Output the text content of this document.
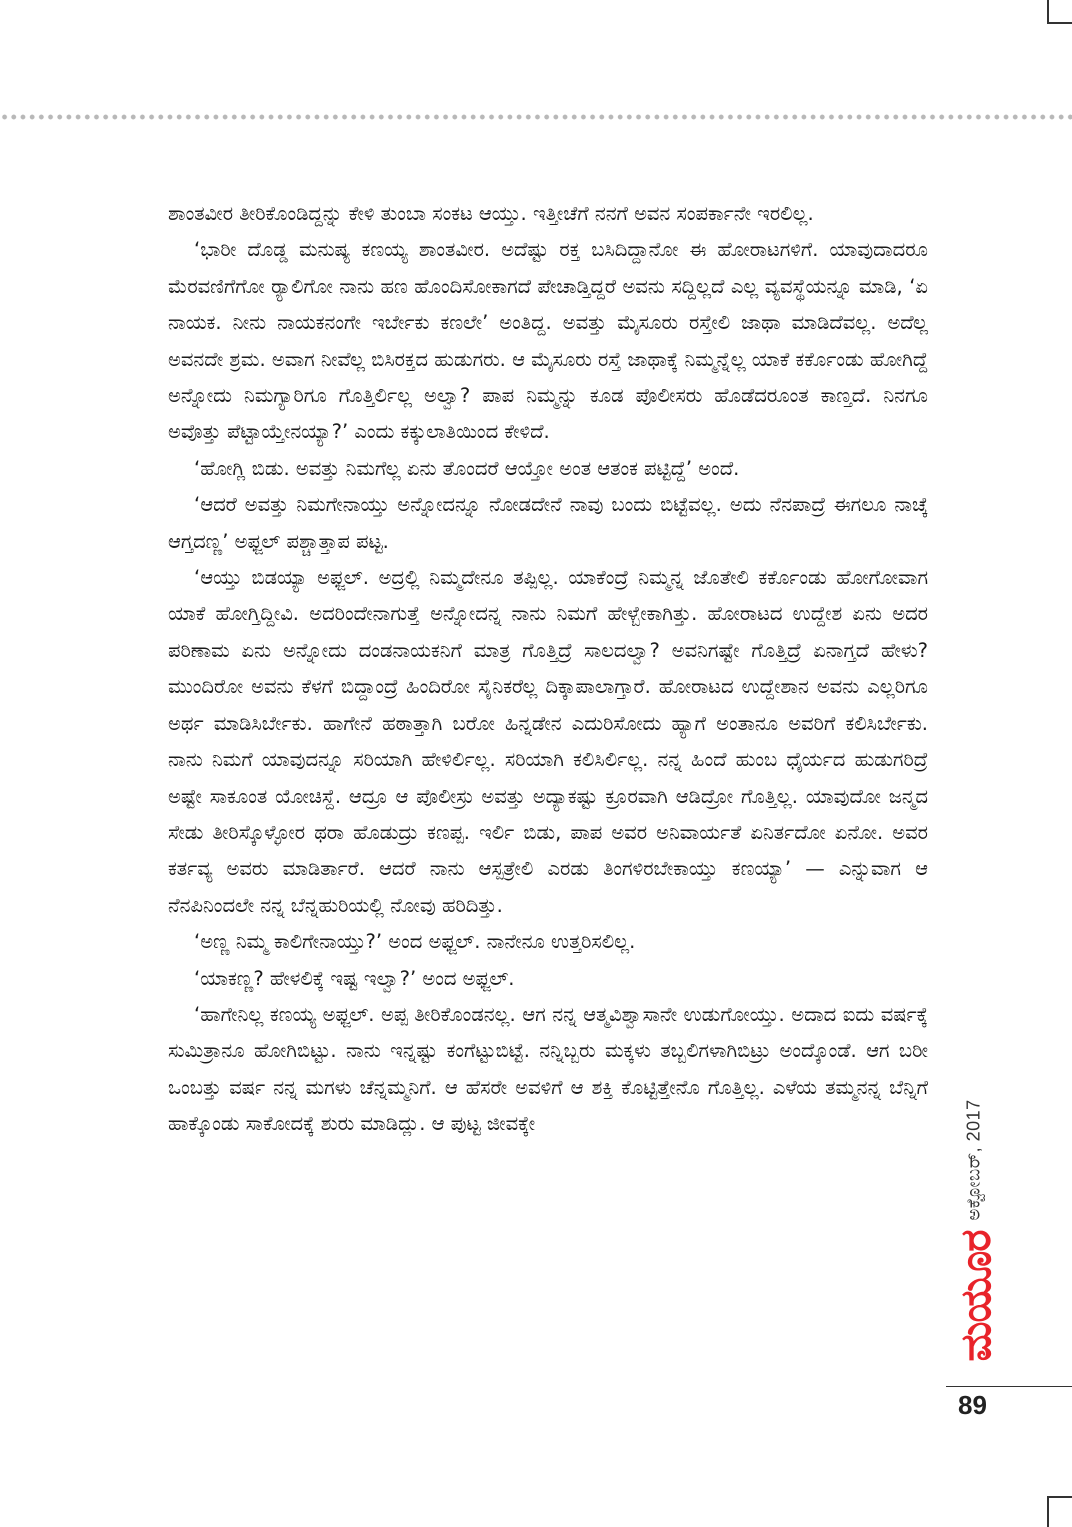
ಶಾಂತವೀರ ತೀರಿಕೊಂಡಿದ್ದನ್ನು ಕೇಳಿ ತುಂಬಾ ಸಂಕಟ ಆಯ್ತು. ಇತ್ತೀಚೆಗೆ ನನಗೆ ಅವನ ಸಂಪರ್ಕಾನೇ ಇರಲಿಲ್ಲ.

‘ಭಾರೀ ದೊಡ್ಡ ಮನುಷ್ಯ ಕಣಯ್ಯ ಶಾಂತವೀರ. ಅದೆಷ್ಟು ರಕ್ತ ಬಸಿದಿದ್ದಾನೋ ಈ ಹೋರಾಟಗಳಿಗೆ. ಯಾವುದಾದರೂ ಮೆರವಣಿಗೆಗೋ ರ‍್ಯಾಲಿಗೋ ನಾನು ಹಣ ಹೊಂದಿಸೋಕಾಗದೆ ಪೇಚಾಡ್ತಿದ್ದರೆ ಅವನು ಸದ್ದಿಲ್ಲದೆ ಎಲ್ಲ ವ್ಯವಸ್ಥೆಯನ್ನೂ ಮಾಡಿ, ‘ಏ ನಾಯಕ. ನೀನು ನಾಯಕನಂಗೇ ಇರ್ಬೇಕು ಕಣಲೇ’ ಅಂತಿದ್ದ. ಅವತ್ತು ಮೈಸೂರು ರಸ್ತೇಲಿ ಜಾಥಾ ಮಾಡಿದೆವಲ್ಲ. ಅದೆಲ್ಲ ಅವನದೇ ಶ್ರಮ. ಅವಾಗ ನೀವೆಲ್ಲ ಬಿಸಿರಕ್ತದ ಹುಡುಗರು. ಆ ಮೈಸೂರು ರಸ್ತೆ ಜಾಥಾಕ್ಕೆ ನಿಮ್ಮನ್ನೆಲ್ಲ ಯಾಕೆ ಕರ್ಕೊಂಡು ಹೋಗಿದ್ದೆ ಅನ್ನೋದು ನಿಮಗ್ಯಾರಿಗೂ ಗೊತ್ತಿರ್ಲಿಲ್ಲ ಅಲ್ವಾ? ಪಾಪ ನಿಮ್ಮನ್ನು ಕೂಡ ಪೊಲೀಸರು ಹೊಡೆದರೂಂತ ಕಾಣ್ತದೆ. ನಿನಗೂ ಅವೊತ್ತು ಪೆಟ್ಟಾಯ್ತೇನಯ್ಯಾ?’ ಎಂದು ಕಕ್ಕುಲಾತಿಯಿಂದ ಕೇಳಿದೆ.

‘ಹೋಗ್ಲಿ ಬಿಡು. ಅವತ್ತು ನಿಮಗೆಲ್ಲ ಏನು ತೊಂದರೆ ಆಯ್ತೋ ಅಂತ ಆತಂಕ ಪಟ್ಟಿದ್ದೆ’ ಅಂದೆ.

‘ಆದರೆ ಅವತ್ತು ನಿಮಗೇನಾಯ್ತು ಅನ್ನೋದನ್ನೂ ನೋಡದೇನೆ ನಾವು ಬಂದು ಬಿಟ್ಟೆವಲ್ಲ. ಅದು ನೆನಪಾದ್ರೆ ಈಗಲೂ ನಾಚ್ಕೆ ಆಗ್ತದಣ್ಣ’ ಅಫ್ಜಲ್ ಪಶ್ಚಾತ್ತಾಪ ಪಟ್ಟ.

‘ಆಯ್ತು ಬಿಡಯ್ಯಾ ಅಫ್ಜಲ್. ಅದ್ರಲ್ಲಿ ನಿಮ್ಮದೇನೂ ತಪ್ಪಿಲ್ಲ. ಯಾಕೆಂದ್ರೆ ನಿಮ್ಮನ್ನ ಜೊತೇಲಿ ಕರ್ಕೊಂಡು ಹೋಗೋವಾಗ ಯಾಕೆ ಹೋಗ್ತಿದ್ದೀವಿ. ಅದರಿಂದೇನಾಗುತ್ತೆ ಅನ್ನೋದನ್ನ ನಾನು ನಿಮಗೆ ಹೇಳ್ಬೇಕಾಗಿತ್ತು. ಹೋರಾಟದ ಉದ್ದೇಶ ಏನು ಅದರ ಪರಿಣಾಮ ಏನು ಅನ್ನೋದು ದಂಡನಾಯಕನಿಗೆ ಮಾತ್ರ ಗೊತ್ತಿದ್ರೆ ಸಾಲದಲ್ವಾ? ಅವನಿಗಷ್ಟೇ ಗೊತ್ತಿದ್ರೆ ಏನಾಗ್ತದೆ ಹೇಳು? ಮುಂದಿರೋ ಅವನು ಕೆಳಗೆ ಬಿದ್ದಾಂದ್ರೆ ಹಿಂದಿರೋ ಸೈನಿಕರೆಲ್ಲ ದಿಕ್ಕಾಪಾಲಾಗ್ತಾರೆ. ಹೋರಾಟದ ಉದ್ದೇಶಾನ ಅವನು ಎಲ್ಲರಿಗೂ ಅರ್ಥ ಮಾಡಿಸಿರ್ಬೇಕು. ಹಾಗೇನೆ ಹಠಾತ್ತಾಗಿ ಬರೋ ಹಿನ್ನಡೇನ ಎದುರಿಸೋದು ಹ್ಯಾಗೆ ಅಂತಾನೂ ಅವರಿಗೆ ಕಲಿಸಿರ್ಬೇಕು. ನಾನು ನಿಮಗೆ ಯಾವುದನ್ನೂ ಸರಿಯಾಗಿ ಹೇಳಿರ್ಲಿಲ್ಲ. ಸರಿಯಾಗಿ ಕಲಿಸಿರ್ಲಿಲ್ಲ. ನನ್ನ ಹಿಂದೆ ಹುಂಬ ಧೈರ್ಯದ ಹುಡುಗರಿದ್ರೆ ಅಷ್ಟೇ ಸಾಕೂಂತ ಯೋಚಿಸ್ದೆ. ಆದ್ರೂ ಆ ಪೊಲೀಸ್ರು ಅವತ್ತು ಅದ್ಯಾಕಷ್ಟು ಕ್ರೂರವಾಗಿ ಆಡಿದ್ರೋ ಗೊತ್ತಿಲ್ಲ. ಯಾವುದೋ ಜನ್ಮದ ಸೇಡು ತೀರಿಸ್ಕೊಳ್ಳೋರ ಥರಾ ಹೊಡುದ್ರು ಕಣಪ್ಪ. ಇರ್ಲಿ ಬಿಡು, ಪಾಪ ಅವರ ಅನಿವಾರ್ಯತೆ ಏನಿರ್ತದೋ ಏನೋ. ಅವರ ಕರ್ತವ್ಯ ಅವರು ಮಾಡಿರ್ತಾರೆ. ಆದರೆ ನಾನು ಆಸ್ಪತ್ರೇಲಿ ಎರಡು ತಿಂಗಳಿರಬೇಕಾಯ್ತು ಕಣಯ್ಯಾ’ — ಎನ್ನುವಾಗ ಆ ನೆನಪಿನಿಂದಲೇ ನನ್ನ ಬೆನ್ನಹುರಿಯಲ್ಲಿ ನೋವು ಹರಿದಿತ್ತು.

‘ಅಣ್ಣ ನಿಮ್ಮ ಕಾಲಿಗೇನಾಯ್ತು?’ ಅಂದ ಅಫ್ಜಲ್. ನಾನೇನೂ ಉತ್ತರಿಸಲಿಲ್ಲ.

‘ಯಾಕಣ್ಣ? ಹೇಳಲಿಕ್ಕೆ ಇಷ್ಟ ಇಲ್ವಾ?’ ಅಂದ ಅಫ್ಜಲ್.

‘ಹಾಗೇನಿಲ್ಲ ಕಣಯ್ಯ ಅಫ್ಜಲ್. ಅಪ್ಪ ತೀರಿಕೊಂಡನಲ್ಲ. ಆಗ ನನ್ನ ಆತ್ಮವಿಶ್ವಾಸಾನೇ ಉಡುಗೋಯ್ತು. ಅದಾದ ಐದು ವರ್ಷಕ್ಕೆ ಸುಮಿತ್ರಾನೂ ಹೋಗಿಬಿಟ್ಟು. ನಾನು ಇನ್ನಷ್ಟು ಕಂಗೆಟ್ಟುಬಿಟ್ಟೆ. ನನ್ನಿಬ್ಬರು ಮಕ್ಕಳು ತಬ್ಬಲಿಗಳಾಗಿಬಿಟ್ರು ಅಂದ್ಕೊಂಡೆ. ಆಗ ಬರೀ ಒಂಬತ್ತು ವರ್ಷ ನನ್ನ ಮಗಳು ಚೆನ್ನಮ್ಮನಿಗೆ. ಆ ಹೆಸರೇ ಅವಳಿಗೆ ಆ ಶಕ್ತಿ ಕೊಟ್ಟಿತ್ತೇನೊ ಗೊತ್ತಿಲ್ಲ. ಎಳೆಯ ತಮ್ಮನನ್ನ ಬೆನ್ನಿಗೆ ಹಾಕ್ಕೊಂಡು ಸಾಕೋದಕ್ಕೆ ಶುರು ಮಾಡಿದ್ಲು. ಆ ಪುಟ್ಟ ಜೀವಕ್ಕೇ	ಅಕ್ಟೋಬರ್, 2017
ಮಯೂರ
89
